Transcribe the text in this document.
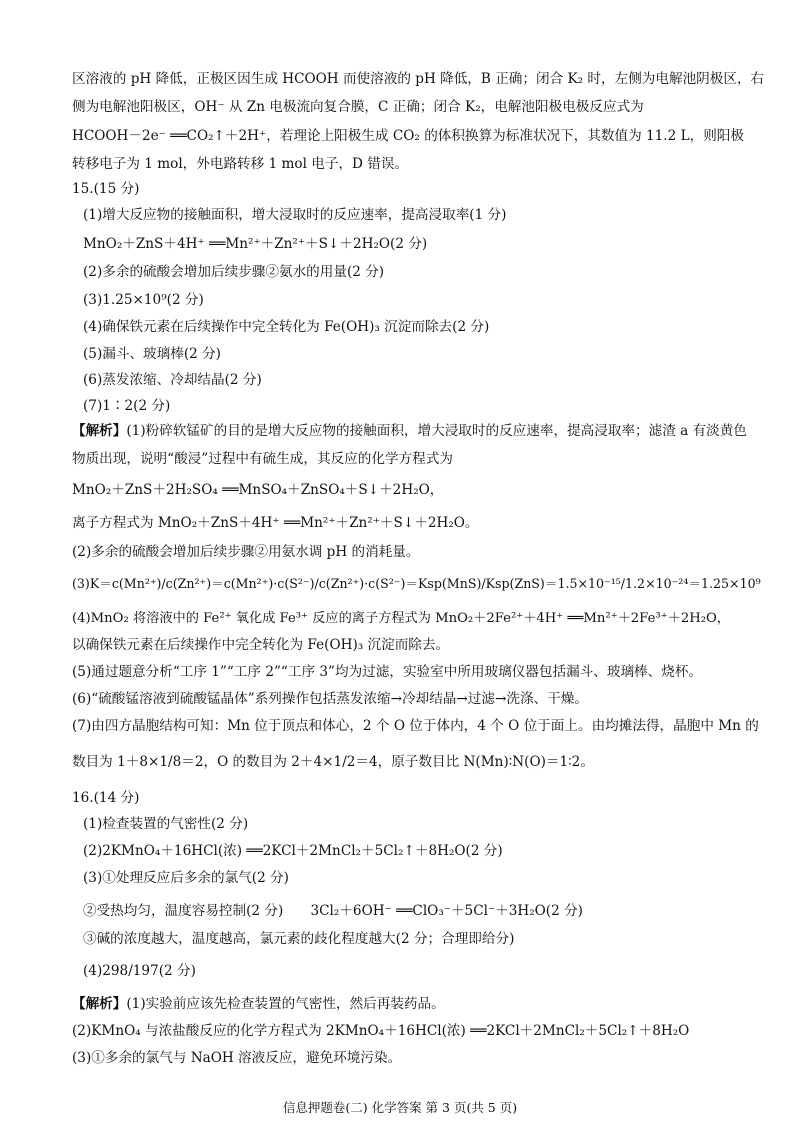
区溶液的 pH 降低，正极区因生成 HCOOH 而使溶液的 pH 降低，B 正确；闭合 K₂ 时，左侧为电解池阴极区，右
侧为电解池阳极区，OH⁻ 从 Zn 电极流向复合膜，C 正确；闭合 K₂，电解池阳极电极反应式为
HCOOH－2e⁻ ══CO₂↑＋2H⁺，若理论上阳极生成 CO₂ 的体积换算为标准状况下，其数值为 11.2 L，则阳极
转移电子为 1 mol，外电路转移 1 mol 电子，D 错误。
15.(15 分)
(1)增大反应物的接触面积，增大浸取时的反应速率，提高浸取率(1 分)
MnO₂＋ZnS＋4H⁺ ══Mn²⁺＋Zn²⁺＋S↓＋2H₂O(2 分)
(2)多余的硫酸会增加后续步骤②氨水的用量(2 分)
(3)1.25×10⁹(2 分)
(4)确保铁元素在后续操作中完全转化为 Fe(OH)₃ 沉淀而除去(2 分)
(5)漏斗、玻璃棒(2 分)
(6)蒸发浓缩、冷却结晶(2 分)
(7)1∶2(2 分)
【解析】(1)粉碎软锰矿的目的是增大反应物的接触面积，增大浸取时的反应速率，提高浸取率；滤渣 a 有淡黄色
物质出现，说明“酸浸”过程中有硫生成，其反应的化学方程式为
MnO₂＋ZnS＋2H₂SO₄ ══MnSO₄＋ZnSO₄＋S↓＋2H₂O，
离子方程式为 MnO₂＋ZnS＋4H⁺ ══Mn²⁺＋Zn²⁺＋S↓＋2H₂O。
(2)多余的硫酸会增加后续步骤②用氨水调 pH 的消耗量。
(3)K＝c(Mn²⁺)/c(Zn²⁺)＝c(Mn²⁺)·c(S²⁻)/c(Zn²⁺)·c(S²⁻)＝Ksp(MnS)/Ksp(ZnS)＝1.5×10⁻¹⁵/1.2×10⁻²⁴＝1.25×10⁹
(4)MnO₂ 将溶液中的 Fe²⁺ 氧化成 Fe³⁺ 反应的离子方程式为 MnO₂＋2Fe²⁺＋4H⁺ ══Mn²⁺＋2Fe³⁺＋2H₂O，
以确保铁元素在后续操作中完全转化为 Fe(OH)₃ 沉淀而除去。
(5)通过题意分析“工序 1”“工序 2”“工序 3”均为过滤，实验室中所用玻璃仪器包括漏斗、玻璃棒、烧杯。
(6)“硫酸锰溶液到硫酸锰晶体”系列操作包括蒸发浓缩→冷却结晶→过滤→洗涤、干燥。
(7)由四方晶胞结构可知：Mn 位于顶点和体心，2 个 O 位于体内，4 个 O 位于面上。由均摊法得，晶胞中 Mn 的
数目为 1＋8×1/8＝2，O 的数目为 2＋4×1/2＝4，原子数目比 N(Mn)∶N(O)＝1∶2。
16.(14 分)
(1)检查装置的气密性(2 分)
(2)2KMnO₄＋16HCl(浓) ══2KCl＋2MnCl₂＋5Cl₂↑＋8H₂O(2 分)
(3)①处理反应后多余的氯气(2 分)
②受热均匀，温度容易控制(2 分)　　3Cl₂＋6OH⁻ ══ClO₃⁻＋5Cl⁻＋3H₂O(2 分)
③碱的浓度越大，温度越高，氯元素的歧化程度越大(2 分；合理即给分)
(4)298/197(2 分)
【解析】(1)实验前应该先检查装置的气密性，然后再装药品。
(2)KMnO₄ 与浓盐酸反应的化学方程式为 2KMnO₄＋16HCl(浓) ══2KCl＋2MnCl₂＋5Cl₂↑＋8H₂O
(3)①多余的氯气与 NaOH 溶液反应，避免环境污染。
信息押题卷(二) 化学答案 第 3 页(共 5 页)
